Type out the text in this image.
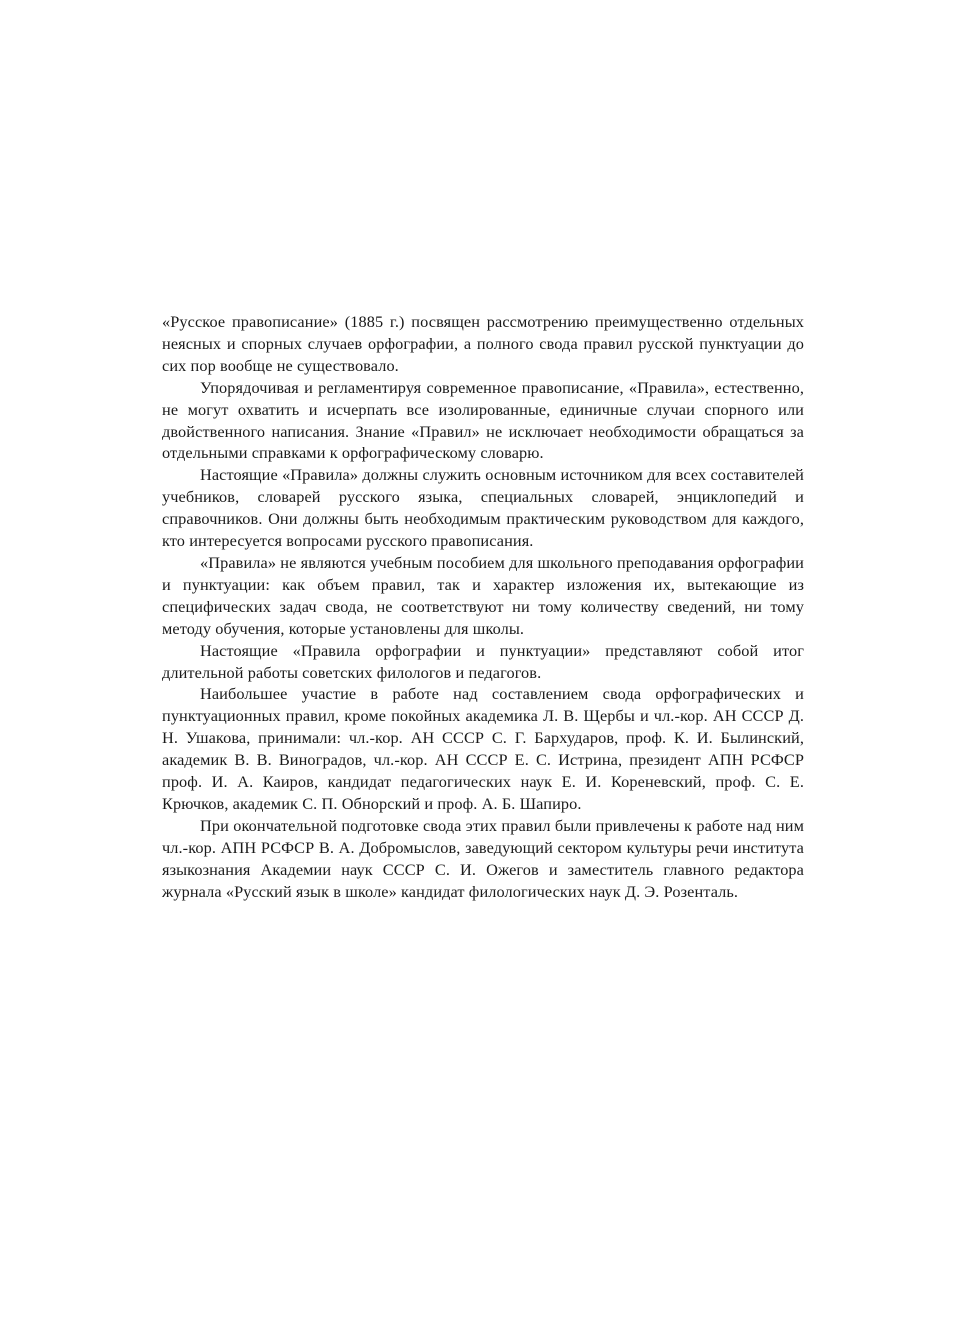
«Русское правописание» (1885 г.) посвящен рассмотрению преимущественно отдельных неясных и спорных случаев орфографии, а полного свода правил русской пунктуации до сих пор вообще не существовало.

Упорядочивая и регламентируя современное правописание, «Правила», естественно, не могут охватить и исчерпать все изолированные, единичные случаи спорного или двойственного написания. Знание «Правил» не исключает необходимости обращаться за отдельными справками к орфографическому словарю.

Настоящие «Правила» должны служить основным источником для всех составителей учебников, словарей русского языка, специальных словарей, энциклопедий и справочников. Они должны быть необходимым практическим руководством для каждого, кто интересуется вопросами русского правописания.

«Правила» не являются учебным пособием для школьного преподавания орфографии и пунктуации: как объем правил, так и характер изложения их, вытекающие из специфических задач свода, не соответствуют ни тому количеству сведений, ни тому методу обучения, которые установлены для школы.

Настоящие «Правила орфографии и пунктуации» представляют собой итог длительной работы советских филологов и педагогов.

Наибольшее участие в работе над составлением свода орфографических и пунктуационных правил, кроме покойных академика Л. В. Щербы и чл.-кор. АН СССР Д. Н. Ушакова, принимали: чл.-кор. АН СССР С. Г. Бархударов, проф. К. И. Былинский, академик В. В. Виноградов, чл.-кор. АН СССР Е. С. Истрина, президент АПН РСФСР проф. И. А. Каиров, кандидат педагогических наук Е. И. Кореневский, проф. С. Е. Крючков, академик С. П. Обнорский и проф. А. Б. Шапиро.

При окончательной подготовке свода этих правил были привлечены к работе над ним чл.-кор. АПН РСФСР В. А. Добромыслов, заведующий сектором культуры речи института языкознания Академии наук СССР С. И. Ожегов и заместитель главного редактора журнала «Русский язык в школе» кандидат филологических наук Д. Э. Розенталь.
